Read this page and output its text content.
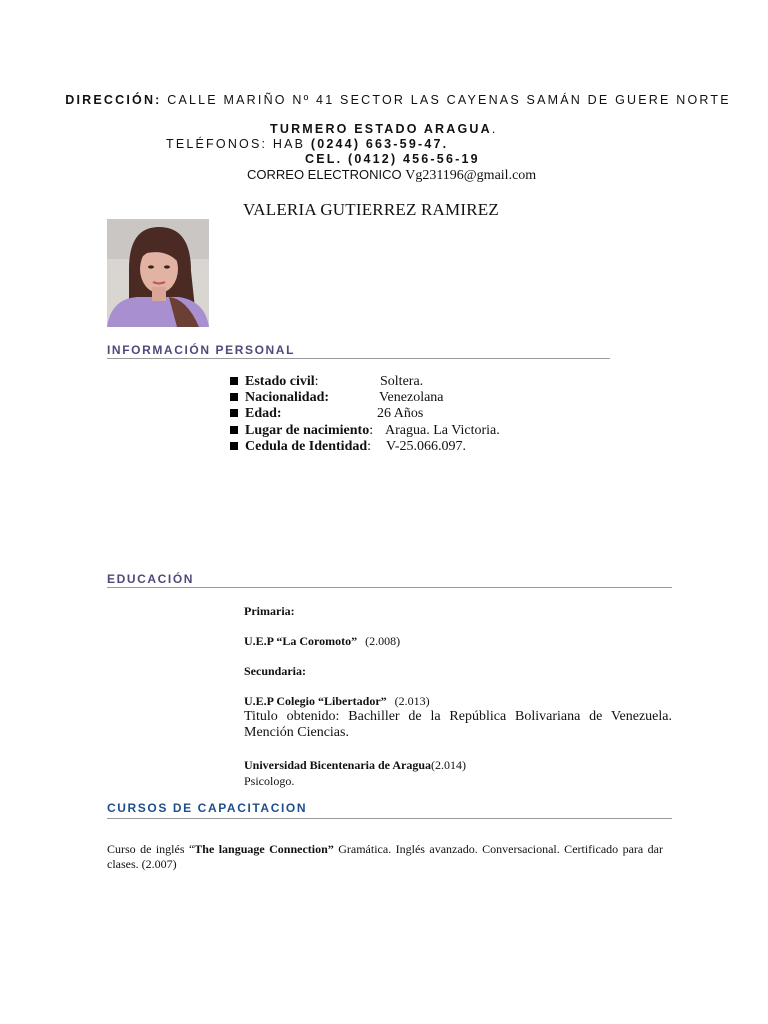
DIRECCIÓN: CALLE MARIÑO Nº 41 SECTOR LAS CAYENAS SAMÁN DE GUERE NORTE
TURMERO ESTADO ARAGUA.
TELÉFONOS: HAB (0244) 663-59-47.
CEL. (0412) 456-56-19
CORREO ELECTRONICO Vg231196@gmail.com
VALERIA GUTIERREZ RAMIREZ
INFORMACIÓN PERSONAL
Estado civil:	Soltera.
Nacionalidad:	Venezolana
Edad:	26 Años
Lugar de nacimiento: Aragua. La Victoria.
Cedula de Identidad: V-25.066.097.
EDUCACIÓN
Primaria:
U.E.P “La Coromoto” (2.008)
Secundaria:
U.E.P Colegio “Libertador” (2.013)
Titulo obtenido: Bachiller de la República Bolivariana de Venezuela.
Mención Ciencias.
Universidad Bicentenaria de Aragua(2.014)
Psicologo.
CURSOS DE CAPACITACION
Curso de inglés “The language Connection” Gramática. Inglés avanzado. Conversacional. Certificado para dar clases. (2.007)
